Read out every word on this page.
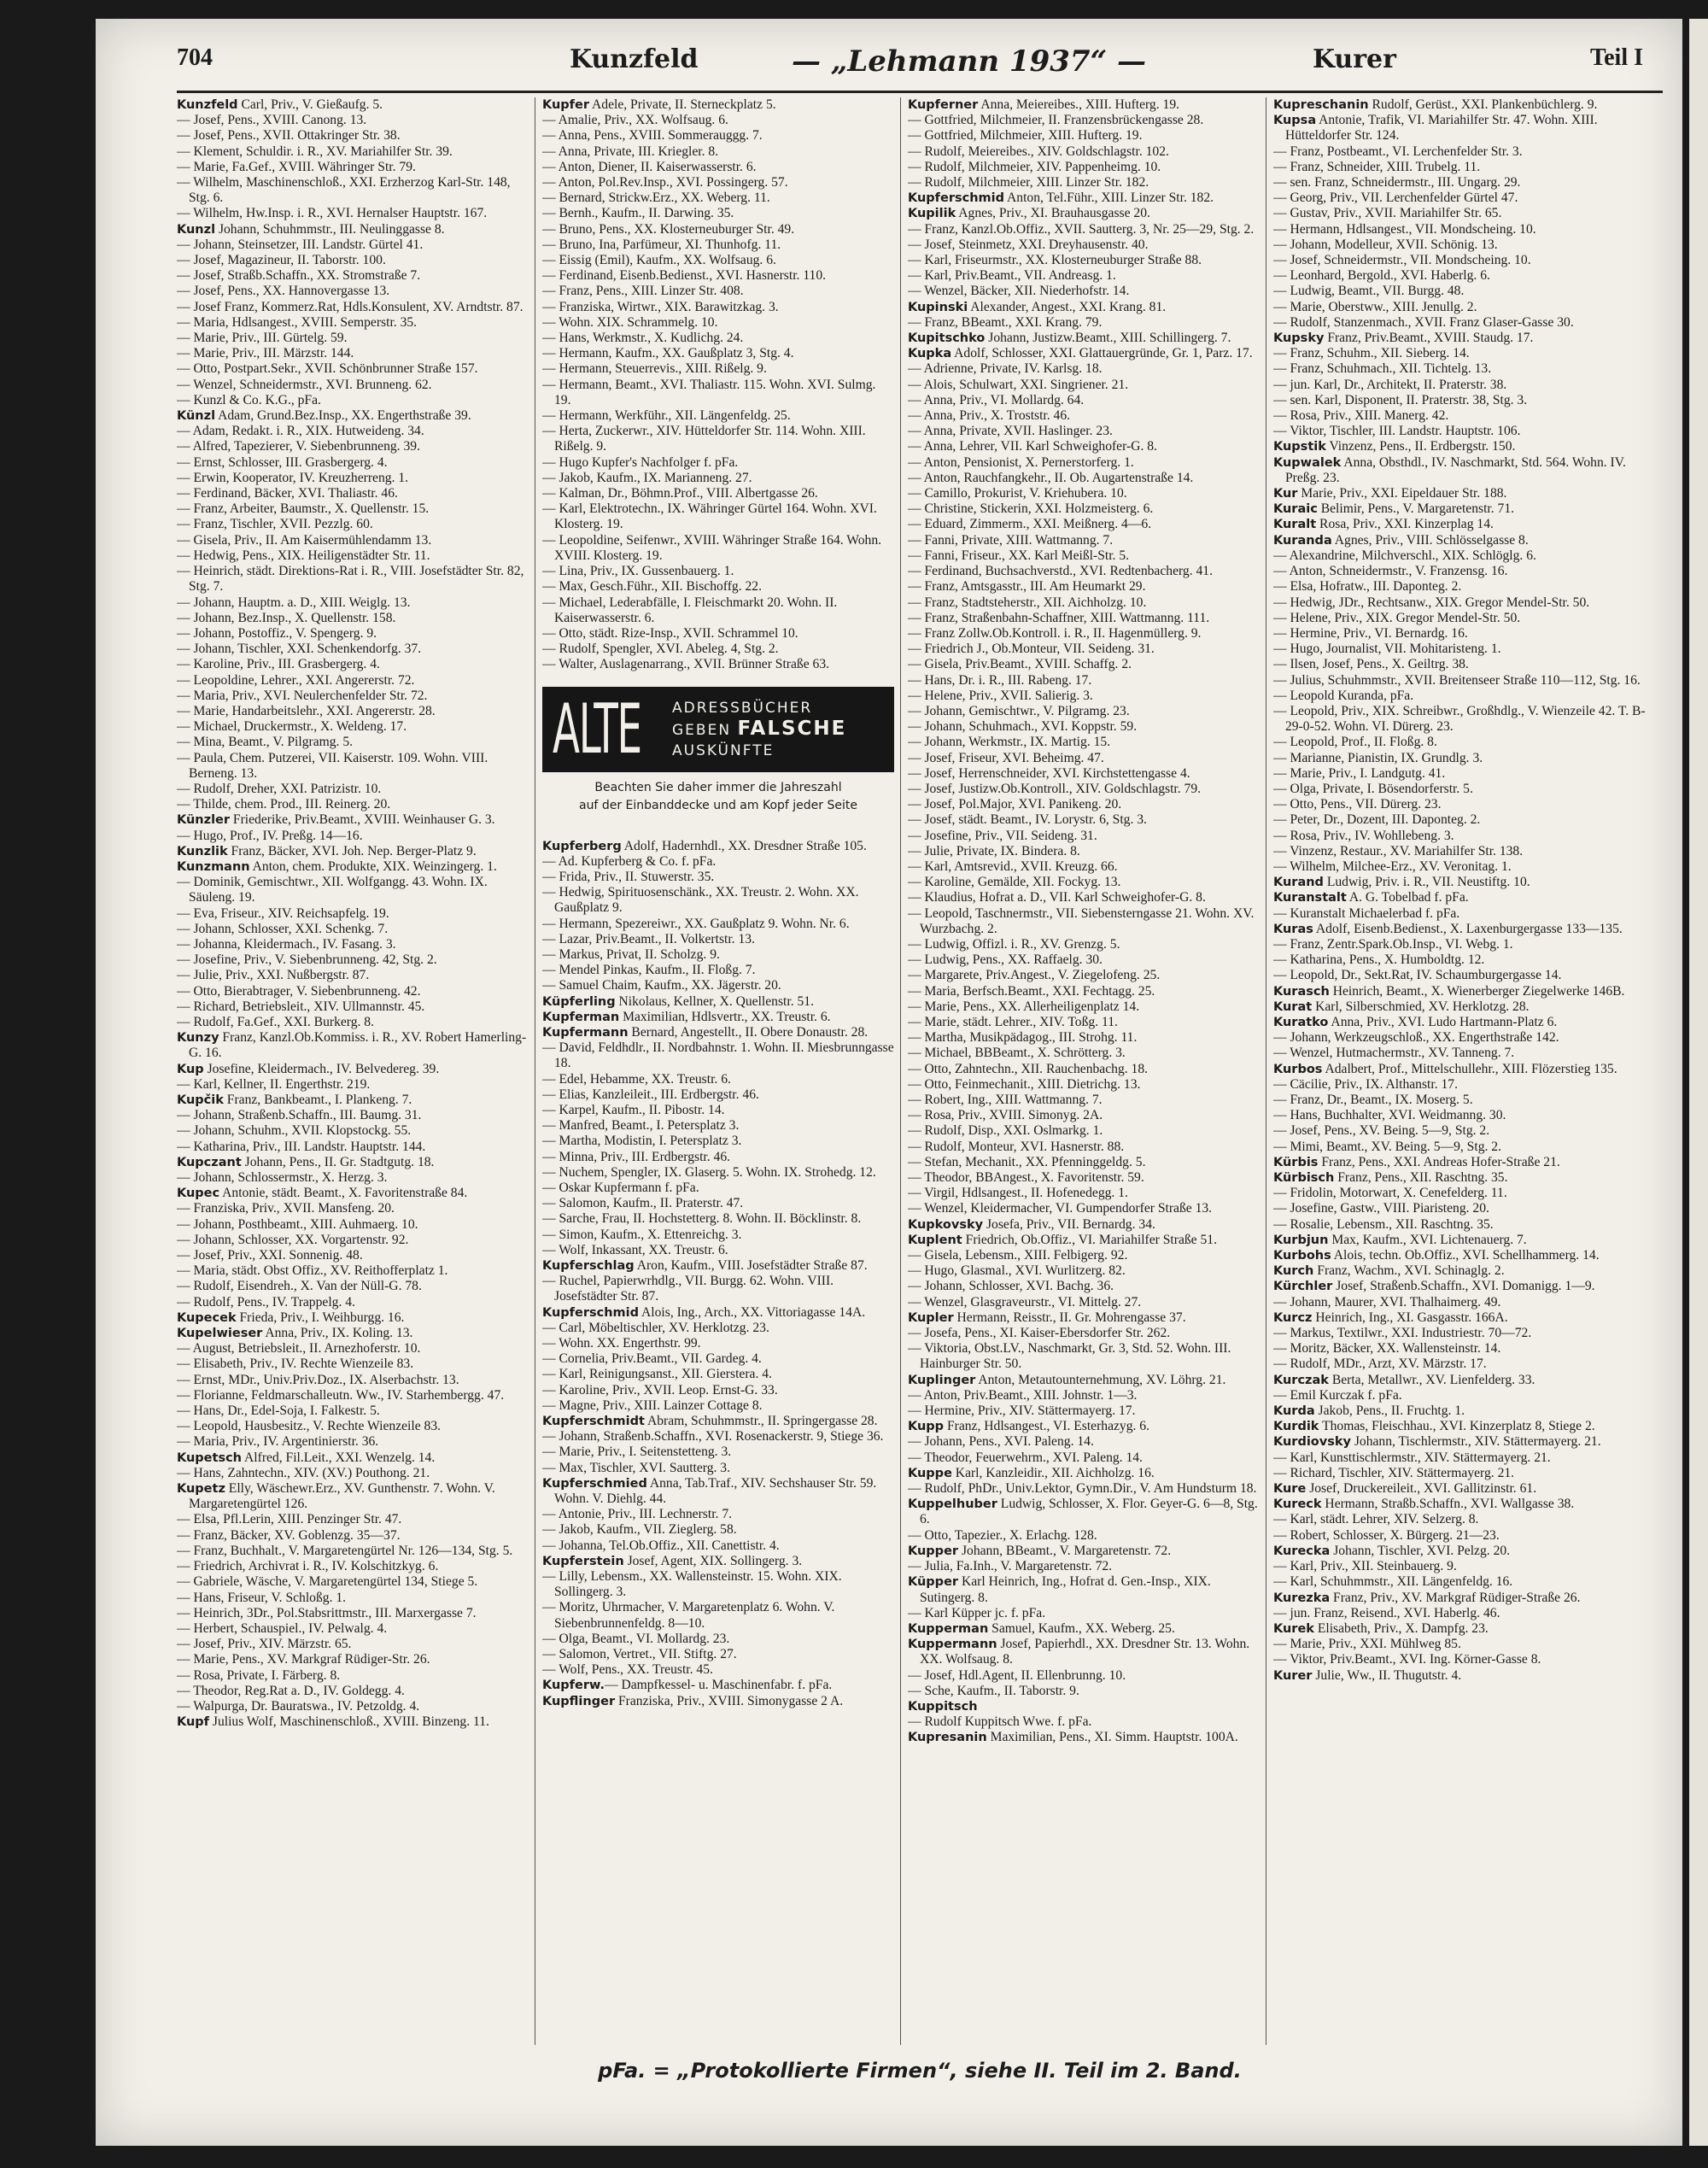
704	Kunzfeld	— „Lehmann 1937“ —	Kurer	Teil I

Kunzfeld Carl, Priv., V. Gießaufg. 5.

— Josef, Pens., XVIII. Canong. 13.

— Josef, Pens., XVII. Ottakringer Str. 38.

— Klement, Schuldir. i. R., XV. Mariahilfer Str. 39.

— Marie, Fa.Gef., XVIII. Währinger Str. 79.

— Wilhelm, Maschinenschloß., XXI. Erzherzog Karl-Str. 148, Stg. 6.

— Wilhelm, Hw.Insp. i. R., XVI. Hernalser Hauptstr. 167.

Kunzl Johann, Schuhmmstr., III. Neulinggasse 8.

— Johann, Steinsetzer, III. Landstr. Gürtel 41.

— Josef, Magazineur, II. Taborstr. 100.

— Josef, Straßb.Schaffn., XX. Stromstraße 7.

— Josef, Pens., XX. Hannovergasse 13.

— Josef Franz, Kommerz.Rat, Hdls.Konsulent, XV. Arndtstr. 87.

— Maria, Hdlsangest., XVIII. Semperstr. 35.

— Marie, Priv., III. Gürtelg. 59.

— Marie, Priv., III. Märzstr. 144.

— Otto, Postpart.Sekr., XVII. Schönbrunner Straße 157.

— Wenzel, Schneidermstr., XVI. Brunneng. 62.

— Kunzl & Co. K.G., pFa.

Künzl Adam, Grund.Bez.Insp., XX. Engerthstraße 39.

— Adam, Redakt. i. R., XIX. Hutweideng. 34.

— Alfred, Tapezierer, V. Siebenbrunneng. 39.

— Ernst, Schlosser, III. Grasbergerg. 4.

— Erwin, Kooperator, IV. Kreuzherreng. 1.

— Ferdinand, Bäcker, XVI. Thaliastr. 46.

— Franz, Arbeiter, Baumstr., X. Quellenstr. 15.

— Franz, Tischler, XVII. Pezzlg. 60.

— Gisela, Priv., II. Am Kaisermühlendamm 13.

— Hedwig, Pens., XIX. Heiligenstädter Str. 11.

— Heinrich, städt. Direktions-Rat i. R., VIII. Josefstädter Str. 82, Stg. 7.

— Johann, Hauptm. a. D., XIII. Weiglg. 13.

— Johann, Bez.Insp., X. Quellenstr. 158.

— Johann, Postoffiz., V. Spengerg. 9.

— Johann, Tischler, XXI. Schenkendorfg. 37.

— Karoline, Priv., III. Grasbergerg. 4.

— Leopoldine, Lehrer., XXI. Angererstr. 72.

— Maria, Priv., XVI. Neulerchenfelder Str. 72.

— Marie, Handarbeitslehr., XXI. Angererstr. 28.

— Michael, Druckermstr., X. Weldeng. 17.

— Mina, Beamt., V. Pilgramg. 5.

— Paula, Chem. Putzerei, VII. Kaiserstr. 109. Wohn. VIII. Berneng. 13.

— Rudolf, Dreher, XXI. Patrizistr. 10.

— Thilde, chem. Prod., III. Reinerg. 20.

Künzler Friederike, Priv.Beamt., XVIII. Weinhauser G. 3.

— Hugo, Prof., IV. Preßg. 14—16.

Kunzlik Franz, Bäcker, XVI. Joh. Nep. Berger-Platz 9.

Kunzmann Anton, chem. Produkte, XIX. Weinzingerg. 1.

— Dominik, Gemischtwr., XII. Wolfgangg. 43. Wohn. IX. Säuleng. 19.

— Eva, Friseur., XIV. Reichsapfelg. 19.

— Johann, Schlosser, XXI. Schenkg. 7.

— Johanna, Kleidermach., IV. Fasang. 3.

— Josefine, Priv., V. Siebenbrunneng. 42, Stg. 2.

— Julie, Priv., XXI. Nußbergstr. 87.

— Otto, Bierabtrager, V. Siebenbrunneng. 42.

— Richard, Betriebsleit., XIV. Ullmannstr. 45.

— Rudolf, Fa.Gef., XXI. Burkerg. 8.

Kunzy Franz, Kanzl.Ob.Kommiss. i. R., XV. Robert Hamerling-G. 16.

Kup Josefine, Kleidermach., IV. Belvedereg. 39.

— Karl, Kellner, II. Engerthstr. 219.

Kupčik Franz, Bankbeamt., I. Plankeng. 7.

— Johann, Straßenb.Schaffn., III. Baumg. 31.

— Johann, Schuhm., XVII. Klopstockg. 55.

— Katharina, Priv., III. Landstr. Hauptstr. 144.

Kupczant Johann, Pens., II. Gr. Stadtgutg. 18.

— Johann, Schlossermstr., X. Herzg. 3.

Kupec Antonie, städt. Beamt., X. Favoritenstraße 84.

— Franziska, Priv., XVII. Mansfeng. 20.

— Johann, Posthbeamt., XIII. Auhmaerg. 10.

— Johann, Schlosser, XX. Vorgartenstr. 92.

— Josef, Priv., XXI. Sonnenig. 48.

— Maria, städt. Obst Offiz., XV. Reithofferplatz 1.

— Rudolf, Eisendreh., X. Van der Nüll-G. 78.

— Rudolf, Pens., IV. Trappelg. 4.

Kupecek Frieda, Priv., I. Weihburgg. 16.

Kupelwieser Anna, Priv., IX. Koling. 13.

— August, Betriebsleit., II. Arnezhoferstr. 10.

— Elisabeth, Priv., IV. Rechte Wienzeile 83.

— Ernst, MDr., Univ.Priv.Doz., IX. Alserbachstr. 13.

— Florianne, Feldmarschalleutn. Ww., IV. Starhembergg. 47.

— Hans, Dr., Edel-Soja, I. Falkestr. 5.

— Leopold, Hausbesitz., V. Rechte Wienzeile 83.

— Maria, Priv., IV. Argentinierstr. 36.

Kupetsch Alfred, Fil.Leit., XXI. Wenzelg. 14.

— Hans, Zahntechn., XIV. (XV.) Pouthong. 21.

Kupetz Elly, Wäschewr.Erz., XV. Gunthenstr. 7. Wohn. V. Margaretengürtel 126.

— Elsa, Pfl.Lerin, XIII. Penzinger Str. 47.

— Franz, Bäcker, XV. Goblenzg. 35—37.

— Franz, Buchhalt., V. Margaretengürtel Nr. 126—134, Stg. 5.

— Friedrich, Archivrat i. R., IV. Kolschitzkyg. 6.

— Gabriele, Wäsche, V. Margaretengürtel 134, Stiege 5.

— Hans, Friseur, V. Schloßg. 1.

— Heinrich, 3Dr., Pol.Stabsrittmstr., III. Marxergasse 7.

— Herbert, Schauspiel., IV. Pelwalg. 4.

— Josef, Priv., XIV. Märzstr. 65.

— Marie, Pens., XV. Markgraf Rüdiger-Str. 26.

— Rosa, Private, I. Färberg. 8.

— Theodor, Reg.Rat a. D., IV. Goldegg. 4.

— Walpurga, Dr. Bauratswa., IV. Petzoldg. 4.

Kupf Julius Wolf, Maschinenschloß., XVIII. Binzeng. 11.

Kupfer Adele, Private, II. Sterneckplatz 5.

— Amalie, Priv., XX. Wolfsaug. 6.

— Anna, Pens., XVIII. Sommerauggg. 7.

— Anna, Private, III. Kriegler. 8.

— Anton, Diener, II. Kaiserwasserstr. 6.

— Anton, Pol.Rev.Insp., XVI. Possingerg. 57.

— Bernard, Strickw.Erz., XX. Weberg. 11.

— Bernh., Kaufm., II. Darwing. 35.

— Bruno, Pens., XX. Klosterneuburger Str. 49.

— Bruno, Ina, Parfümeur, XI. Thunhofg. 11.

— Eissig (Emil), Kaufm., XX. Wolfsaug. 6.

— Ferdinand, Eisenb.Bedienst., XVI. Hasnerstr. 110.

— Franz, Pens., XIII. Linzer Str. 408.

— Franziska, Wirtwr., XIX. Barawitzkag. 3.

— Wohn. XIX. Schrammelg. 10.

— Hans, Werkmstr., X. Kudlichg. 24.

— Hermann, Kaufm., XX. Gaußplatz 3, Stg. 4.

— Hermann, Steuerrevis., XIII. Rißelg. 9.

— Hermann, Beamt., XVI. Thaliastr. 115. Wohn. XVI. Sulmg. 19.

— Hermann, Werkführ., XII. Längenfeldg. 25.

— Herta, Zuckerwr., XIV. Hütteldorfer Str. 114. Wohn. XIII. Rißelg. 9.

— Hugo Kupfer's Nachfolger f. pFa.

— Jakob, Kaufm., IX. Marianneng. 27.

— Kalman, Dr., Böhmn.Prof., VIII. Albertgasse 26.

— Karl, Elektrotechn., IX. Währinger Gürtel 164. Wohn. XVI. Klosterg. 19.

— Leopoldine, Seifenwr., XVIII. Währinger Straße 164. Wohn. XVIII. Klosterg. 19.

— Lina, Priv., IX. Gussenbauerg. 1.

— Max, Gesch.Führ., XII. Bischoffg. 22.

— Michael, Lederabfälle, I. Fleischmarkt 20. Wohn. II. Kaiserwasserstr. 6.

— Otto, städt. Rize-Insp., XVII. Schrammel 10.

— Rudolf, Spengler, XVI. Abeleg. 4, Stg. 2.

— Walter, Auslagenarrang., XVII. Brünner Straße 63.

ALTE ADRESSBÜCHER
GEBEN FALSCHE
AUSKÜNFTE
Beachten Sie daher immer die Jahreszahl
auf der Einbanddecke und am Kopf jeder Seite

Kupferberg Adolf, Hadernhdl., XX. Dresdner Straße 105.

— Ad. Kupferberg & Co. f. pFa.

— Frida, Priv., II. Stuwerstr. 35.

— Hedwig, Spirituosenschänk., XX. Treustr. 2. Wohn. XX. Gaußplatz 9.

— Hermann, Spezereiwr., XX. Gaußplatz 9. Wohn. Nr. 6.

— Lazar, Priv.Beamt., II. Volkertstr. 13.

— Markus, Privat, II. Scholzg. 9.

— Mendel Pinkas, Kaufm., II. Floßg. 7.

— Samuel Chaim, Kaufm., XX. Jägerstr. 20.

Küpferling Nikolaus, Kellner, X. Quellenstr. 51.

Kupferman Maximilian, Hdlsvertr., XX. Treustr. 6.

Kupfermann Bernard, Angestellt., II. Obere Donaustr. 28.

— David, Feldhdlr., II. Nordbahnstr. 1. Wohn. II. Miesbrunngasse 18.

— Edel, Hebamme, XX. Treustr. 6.

— Elias, Kanzleileit., III. Erdbergstr. 46.

— Karpel, Kaufm., II. Pibostr. 14.

— Manfred, Beamt., I. Petersplatz 3.

— Martha, Modistin, I. Petersplatz 3.

— Minna, Priv., III. Erdbergstr. 46.

— Nuchem, Spengler, IX. Glaserg. 5. Wohn. IX. Strohedg. 12.

— Oskar Kupfermann f. pFa.

— Salomon, Kaufm., II. Praterstr. 47.

— Sarche, Frau, II. Hochstetterg. 8. Wohn. II. Böcklinstr. 8.

— Simon, Kaufm., X. Ettenreichg. 3.

— Wolf, Inkassant, XX. Treustr. 6.

Kupferschlag Aron, Kaufm., VIII. Josefstädter Straße 87.

— Ruchel, Papierwrhdlg., VII. Burgg. 62. Wohn. VIII. Josefstädter Str. 87.

Kupferschmid Alois, Ing., Arch., XX. Vittoriagasse 14A.

— Carl, Möbeltischler, XV. Herklotzg. 23.

— Wohn. XX. Engerthstr. 99.

— Cornelia, Priv.Beamt., VII. Gardeg. 4.

— Karl, Reinigungsanst., XII. Gierstera. 4.

— Karoline, Priv., XVII. Leop. Ernst-G. 33.

— Magne, Priv., XIII. Lainzer Cottage 8.

Kupferschmidt Abram, Schuhmmstr., II. Springergasse 28.

— Johann, Straßenb.Schaffn., XVI. Rosenackerstr. 9, Stiege 36.

— Marie, Priv., I. Seitenstetteng. 3.

— Max, Tischler, XVI. Sautterg. 3.

Kupferschmied Anna, Tab.Traf., XIV. Sechshauser Str. 59. Wohn. V. Diehlg. 44.

— Antonie, Priv., III. Lechnerstr. 7.

— Jakob, Kaufm., VII. Zieglerg. 58.

— Johanna, Tel.Ob.Offiz., XII. Canettistr. 4.

Kupferstein Josef, Agent, XIX. Sollingerg. 3.

— Lilly, Lebensm., XX. Wallensteinstr. 15. Wohn. XIX. Sollingerg. 3.

— Moritz, Uhrmacher, V. Margaretenplatz 6. Wohn. V. Siebenbrunnenfeldg. 8—10.

— Olga, Beamt., VI. Mollardg. 23.

— Salomon, Vertret., VII. Stiftg. 27.

— Wolf, Pens., XX. Treustr. 45.

Kupferw.— Dampfkessel- u. Maschinenfabr. f. pFa.

Kupflinger Franziska, Priv., XVIII. Simonygasse 2 A.

Kupferner Anna, Meiereibes., XIII. Hufterg. 19.

— Gottfried, Milchmeier, II. Franzensbrückengasse 28.

— Gottfried, Milchmeier, XIII. Hufterg. 19.

— Rudolf, Meiereibes., XIV. Goldschlagstr. 102.

— Rudolf, Milchmeier, XIV. Pappenheimg. 10.

— Rudolf, Milchmeier, XIII. Linzer Str. 182.

Kupferschmid Anton, Tel.Führ., XIII. Linzer Str. 182.

Kupilik Agnes, Priv., XI. Brauhausgasse 20.

— Franz, Kanzl.Ob.Offiz., XVII. Sautterg. 3, Nr. 25—29, Stg. 2.

— Josef, Steinmetz, XXI. Dreyhausenstr. 40.

— Karl, Friseurmstr., XX. Klosterneuburger Straße 88.

— Karl, Priv.Beamt., VII. Andreasg. 1.

— Wenzel, Bäcker, XII. Niederhofstr. 14.

Kupinski Alexander, Angest., XXI. Krang. 81.

— Franz, BBeamt., XXI. Krang. 79.

Kupitschko Johann, Justizw.Beamt., XIII. Schillingerg. 7.

Kupka Adolf, Schlosser, XXI. Glattauergründe, Gr. 1, Parz. 17.

— Adrienne, Private, IV. Karlsg. 18.

— Alois, Schulwart, XXI. Singriener. 21.

— Anna, Priv., VI. Mollardg. 64.

— Anna, Priv., X. Troststr. 46.

— Anna, Private, XVII. Haslinger. 23.

— Anna, Lehrer, VII. Karl Schweighofer-G. 8.

— Anton, Pensionist, X. Pernerstorferg. 1.

— Anton, Rauchfangkehr., II. Ob. Augartenstraße 14.

— Camillo, Prokurist, V. Kriehubera. 10.

— Christine, Stickerin, XXI. Holzmeisterg. 6.

— Eduard, Zimmerm., XXI. Meißnerg. 4—6.

— Fanni, Private, XIII. Wattmanng. 7.

— Fanni, Friseur., XX. Karl Meißl-Str. 5.

— Ferdinand, Buchsachverstd., XVI. Redtenbacherg. 41.

— Franz, Amtsgasstr., III. Am Heumarkt 29.

— Franz, Stadtsteherstr., XII. Aichholzg. 10.

— Franz, Straßenbahn-Schaffner, XIII. Wattmanng. 111.

— Franz Zollw.Ob.Kontroll. i. R., II. Hagenmüllerg. 9.

— Friedrich J., Ob.Monteur, VII. Seideng. 31.

— Gisela, Priv.Beamt., XVIII. Schaffg. 2.

— Hans, Dr. i. R., III. Rabeng. 17.

— Helene, Priv., XVII. Salierig. 3.

— Johann, Gemischtwr., V. Pilgramg. 23.

— Johann, Schuhmach., XVI. Koppstr. 59.

— Johann, Werkmstr., IX. Martig. 15.

— Josef, Friseur, XVI. Beheimg. 47.

— Josef, Herrenschneider, XVI. Kirchstettengasse 4.

— Josef, Justizw.Ob.Kontroll., XIV. Goldschlagstr. 79.

— Josef, Pol.Major, XVI. Panikeng. 20.

— Josef, städt. Beamt., IV. Lorystr. 6, Stg. 3.

— Josefine, Priv., VII. Seideng. 31.

— Julie, Private, IX. Bindera. 8.

— Karl, Amtsrevid., XVII. Kreuzg. 66.

— Karoline, Gemälde, XII. Fockyg. 13.

— Klaudius, Hofrat a. D., VII. Karl Schweighofer-G. 8.

— Leopold, Taschnermstr., VII. Siebensterngasse 21. Wohn. XV. Wurzbachg. 2.

— Ludwig, Offizl. i. R., XV. Grenzg. 5.

— Ludwig, Pens., XX. Raffaelg. 30.

— Margarete, Priv.Angest., V. Ziegelofeng. 25.

— Maria, Berfsch.Beamt., XXI. Fechtagg. 25.

— Marie, Pens., XX. Allerheiligenplatz 14.

— Marie, städt. Lehrer., XIV. Toßg. 11.

— Martha, Musikpädagog., III. Strohg. 11.

— Michael, BBBeamt., X. Schrötterg. 3.

— Otto, Zahntechn., XII. Rauchenbachg. 18.

— Otto, Feinmechanit., XIII. Dietrichg. 13.

— Robert, Ing., XIII. Wattmanng. 7.

— Rosa, Priv., XVIII. Simonyg. 2A.

— Rudolf, Disp., XXI. Oslmarkg. 1.

— Rudolf, Monteur, XVI. Hasnerstr. 88.

— Stefan, Mechanit., XX. Pfenninggeldg. 5.

— Theodor, BBAngest., X. Favoritenstr. 59.

— Virgil, Hdlsangest., II. Hofenedegg. 1.

— Wenzel, Kleidermacher, VI. Gumpendorfer Straße 13.

Kupkovsky Josefa, Priv., VII. Bernardg. 34.

Kuplent Friedrich, Ob.Offiz., VI. Mariahilfer Straße 51.

— Gisela, Lebensm., XIII. Felbigerg. 92.

— Hugo, Glasmal., XVI. Wurlitzerg. 82.

— Johann, Schlosser, XVI. Bachg. 36.

— Wenzel, Glasgraveurstr., VI. Mittelg. 27.

Kupler Hermann, Reisstr., II. Gr. Mohrengasse 37.

— Josefa, Pens., XI. Kaiser-Ebersdorfer Str. 262.

— Viktoria, Obst.LV., Naschmarkt, Gr. 3, Std. 52. Wohn. III. Hainburger Str. 50.

Kuplinger Anton, Metautounternehmung, XV. Löhrg. 21.

— Anton, Priv.Beamt., XIII. Johnstr. 1—3.

— Hermine, Priv., XIV. Stättermayerg. 17.

Kupp Franz, Hdlsangest., VI. Esterhazyg. 6.

— Johann, Pens., XVI. Paleng. 14.

— Theodor, Feuerwehrm., XVI. Paleng. 14.

Kuppe Karl, Kanzleidir., XII. Aichholzg. 16.

— Rudolf, PhDr., Univ.Lektor, Gymn.Dir., V. Am Hundsturm 18.

Kuppelhuber Ludwig, Schlosser, X. Flor. Geyer-G. 6—8, Stg. 6.

— Otto, Tapezier., X. Erlachg. 128.

Kupper Johann, BBeamt., V. Margaretenstr. 72.

— Julia, Fa.Inh., V. Margaretenstr. 72.

Küpper Karl Heinrich, Ing., Hofrat d. Gen.-Insp., XIX. Sutingerg. 8.

— Karl Küpper jc. f. pFa.

Kupperman Samuel, Kaufm., XX. Weberg. 25.

Kuppermann Josef, Papierhdl., XX. Dresdner Str. 13. Wohn. XX. Wolfsaug. 8.

— Josef, Hdl.Agent, II. Ellenbrunng. 10.

— Sche, Kaufm., II. Taborstr. 9.

Kuppitsch

— Rudolf Kuppitsch Wwe. f. pFa.

Kupresanin Maximilian, Pens., XI. Simm. Hauptstr. 100A.

Kupreschanin Rudolf, Gerüst., XXI. Plankenbüchlerg. 9.

Kupsa Antonie, Trafik, VI. Mariahilfer Str. 47. Wohn. XIII. Hütteldorfer Str. 124.

— Franz, Postbeamt., VI. Lerchenfelder Str. 3.

— Franz, Schneider, XIII. Trubelg. 11.

— sen. Franz, Schneidermstr., III. Ungarg. 29.

— Georg, Priv., VII. Lerchenfelder Gürtel 47.

— Gustav, Priv., XVII. Mariahilfer Str. 65.

— Hermann, Hdlsangest., VII. Mondscheing. 10.

— Johann, Modelleur, XVII. Schönig. 13.

— Josef, Schneidermstr., VII. Mondscheing. 10.

— Leonhard, Bergold., XVI. Haberlg. 6.

— Ludwig, Beamt., VII. Burgg. 48.

— Marie, Oberstww., XIII. Jenullg. 2.

— Rudolf, Stanzenmach., XVII. Franz Glaser-Gasse 30.

Kupsky Franz, Priv.Beamt., XVIII. Staudg. 17.

— Franz, Schuhm., XII. Sieberg. 14.

— Franz, Schuhmach., XII. Tichtelg. 13.

— jun. Karl, Dr., Architekt, II. Praterstr. 38.

— sen. Karl, Disponent, II. Praterstr. 38, Stg. 3.

— Rosa, Priv., XIII. Manerg. 42.

— Viktor, Tischler, III. Landstr. Hauptstr. 106.

Kupstik Vinzenz, Pens., II. Erdbergstr. 150.

Kupwalek Anna, Obsthdl., IV. Naschmarkt, Std. 564. Wohn. IV. Preßg. 23.

Kur Marie, Priv., XXI. Eipeldauer Str. 188.

Kuraic Belimir, Pens., V. Margaretenstr. 71.

Kuralt Rosa, Priv., XXI. Kinzerplag 14.

Kuranda Agnes, Priv., VIII. Schlösselgasse 8.

— Alexandrine, Milchverschl., XIX. Schlöglg. 6.

— Anton, Schneidermstr., V. Franzensg. 16.

— Elsa, Hofratw., III. Daponteg. 2.

— Hedwig, JDr., Rechtsanw., XIX. Gregor Mendel-Str. 50.

— Helene, Priv., XIX. Gregor Mendel-Str. 50.

— Hermine, Priv., VI. Bernardg. 16.

— Hugo, Journalist, VII. Mohitaristeng. 1.

— Ilsen, Josef, Pens., X. Geiltrg. 38.

— Julius, Schuhmmstr., XVII. Breitenseer Straße 110—112, Stg. 16.

— Leopold Kuranda, pFa.

— Leopold, Priv., XIX. Schreibwr., Großhdlg., V. Wienzeile 42. T. B-29-0-52. Wohn. VI. Dürerg. 23.

— Leopold, Prof., II. Floßg. 8.

— Marianne, Pianistin, IX. Grundlg. 3.

— Marie, Priv., I. Landgutg. 41.

— Olga, Private, I. Bösendorferstr. 5.

— Otto, Pens., VII. Dürerg. 23.

— Peter, Dr., Dozent, III. Daponteg. 2.

— Rosa, Priv., IV. Wohllebeng. 3.

— Vinzenz, Restaur., XV. Mariahilfer Str. 138.

— Wilhelm, Milchee-Erz., XV. Veronitag. 1.

Kurand Ludwig, Priv. i. R., VII. Neustiftg. 10.

Kuranstalt A. G. Tobelbad f. pFa.

— Kuranstalt Michaelerbad f. pFa.

Kuras Adolf, Eisenb.Bedienst., X. Laxenburgergasse 133—135.

— Franz, Zentr.Spark.Ob.Insp., VI. Webg. 1.

— Katharina, Pens., X. Humboldtg. 12.

— Leopold, Dr., Sekt.Rat, IV. Schaumburgergasse 14.

Kurasch Heinrich, Beamt., X. Wienerberger Ziegelwerke 146B.

Kurat Karl, Silberschmied, XV. Herklotzg. 28.

Kuratko Anna, Priv., XVI. Ludo Hartmann-Platz 6.

— Johann, Werkzeugschloß., XX. Engerthstraße 142.

— Wenzel, Hutmachermstr., XV. Tanneng. 7.

Kurbos Adalbert, Prof., Mittelschullehr., XIII. Flözerstieg 135.

— Cäcilie, Priv., IX. Althanstr. 17.

— Franz, Dr., Beamt., IX. Moserg. 5.

— Hans, Buchhalter, XVI. Weidmanng. 30.

— Josef, Pens., XV. Being. 5—9, Stg. 2.

— Mimi, Beamt., XV. Being. 5—9, Stg. 2.

Kürbis Franz, Pens., XXI. Andreas Hofer-Straße 21.

Kürbisch Franz, Pens., XII. Raschtng. 35.

— Fridolin, Motorwart, X. Cenefelderg. 11.

— Josefine, Gastw., VIII. Piaristeng. 20.

— Rosalie, Lebensm., XII. Raschtng. 35.

Kurbjun Max, Kaufm., XVI. Lichtenauerg. 7.

Kurbohs Alois, techn. Ob.Offiz., XVI. Schellhammerg. 14.

Kurch Franz, Wachm., XVI. Schinaglg. 2.

Kürchler Josef, Straßenb.Schaffn., XVI. Domanigg. 1—9.

— Johann, Maurer, XVI. Thalhaimerg. 49.

Kurcz Heinrich, Ing., XI. Gasgasstr. 166A.

— Markus, Textilwr., XXI. Industriestr. 70—72.

— Moritz, Bäcker, XX. Wallensteinstr. 14.

— Rudolf, MDr., Arzt, XV. Märzstr. 17.

Kurczak Berta, Metallwr., XV. Lienfelderg. 33.

— Emil Kurczak f. pFa.

Kurda Jakob, Pens., II. Fruchtg. 1.

Kurdik Thomas, Fleischhau., XVI. Kinzerplatz 8, Stiege 2.

Kurdiovsky Johann, Tischlermstr., XIV. Stättermayerg. 21.

— Karl, Kunsttischlermstr., XIV. Stättermayerg. 21.

— Richard, Tischler, XIV. Stättermayerg. 21.

Kure Josef, Druckereileit., XVI. Gallitzinstr. 61.

Kureck Hermann, Straßb.Schaffn., XVI. Wallgasse 38.

— Karl, städt. Lehrer, XIV. Selzerg. 8.

— Robert, Schlosser, X. Bürgerg. 21—23.

Kurecka Johann, Tischler, XVI. Pelzg. 20.

— Karl, Priv., XII. Steinbauerg. 9.

— Karl, Schuhmmstr., XII. Längenfeldg. 16.

Kurezka Franz, Priv., XV. Markgraf Rüdiger-Straße 26.

— jun. Franz, Reisend., XVI. Haberlg. 46.

Kurek Elisabeth, Priv., X. Dampfg. 23.

— Marie, Priv., XXI. Mühlweg 85.

— Viktor, Priv.Beamt., XVI. Ing. Körner-Gasse 8.

Kurer Julie, Ww., II. Thugutstr. 4.

pFa. = „Protokollierte Firmen“, siehe II. Teil im 2. Band.
